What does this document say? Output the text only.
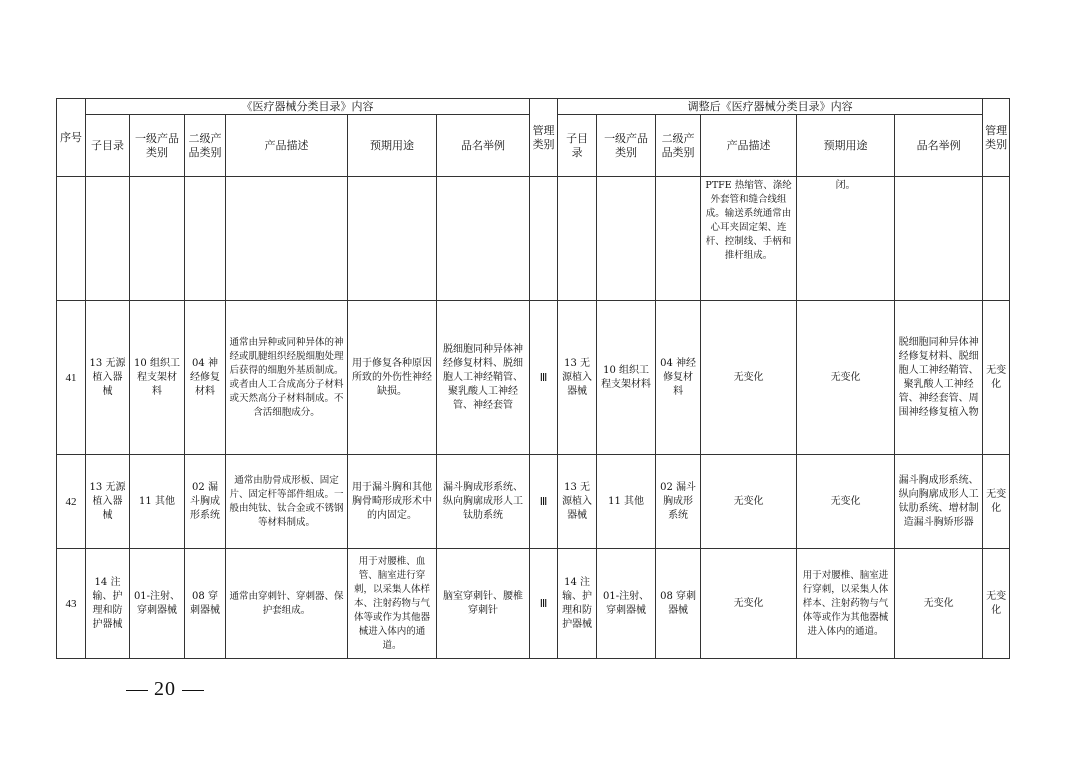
序号	《医疗器械分类目录》内容						管理类别	调整后《医疗器械分类目录》内容						管理类别
	子目录	一级产品类别	二级产品类别	产品描述	预期用途	品名举例		子目录	一级产品类别	二级产品类别	产品描述	预期用途	品名举例	
											PTFE 热缩管、涤纶外套管和缝合线组成。输送系统通常由心耳夹固定架、连杆、控制线、手柄和推杆组成。	闭。		
41	13 无源植入器械	10 组织工程支架材料	04 神经修复材料	通常由异种或同种异体的神经或肌腱组织经脱细胞处理后获得的细胞外基质制成。或者由人工合成高分子材料或天然高分子材料制成。不含活细胞成分。	用于修复各种原因所致的外伤性神经缺损。	脱细胞同种异体神经修复材料、脱细胞人工神经鞘管、聚乳酸人工神经管、神经套管	Ⅲ	13 无源植入器械	10 组织工程支架材料	04 神经修复材料	无变化	无变化	脱细胞同种异体神经修复材料、脱细胞人工神经鞘管、聚乳酸人工神经管、神经套管、周围神经修复植入物	无变化
42	13 无源植入器械	11 其他	02 漏斗胸成形系统	通常由肋骨成形板、固定片、固定杆等部件组成。一般由纯钛、钛合金或不锈钢等材料制成。	用于漏斗胸和其他胸骨畸形成形术中的内固定。	漏斗胸成形系统、纵向胸廓成形人工钛肋系统	Ⅲ	13 无源植入器械	11 其他	02 漏斗胸成形系统	无变化	无变化	漏斗胸成形系统、纵向胸廓成形人工钛肋系统、增材制造漏斗胸矫形器	无变化
43	14 注输、护理和防护器械	01-注射、穿刺器械	08 穿刺器械	通常由穿刺针、穿刺器、保护套组成。	用于对腰椎、血管、脑室进行穿刺，以采集人体样本、注射药物与气体等或作为其他器械进入体内的通道。	脑室穿刺针、腰椎穿刺针	Ⅲ	14 注输、护理和防护器械	01-注射、穿刺器械	08 穿刺器械	无变化	用于对腰椎、脑室进行穿刺，以采集人体样本、注射药物与气体等或作为其他器械进入体内的通道。	无变化	无变化
20
